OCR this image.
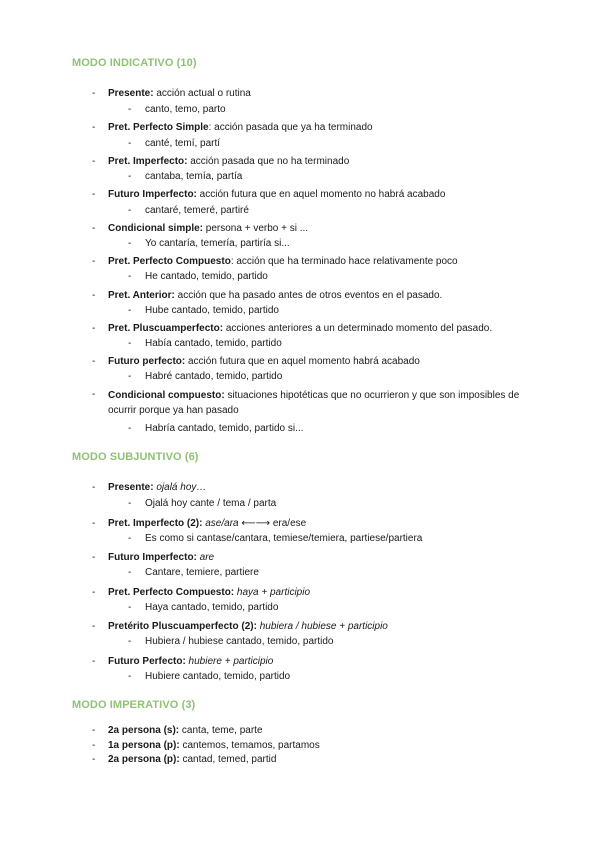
MODO INDICATIVO (10)
- Presente: acción actual o rutina
- canto, temo, parto
- Pret. Perfecto Simple: acción pasada que ya ha terminado
- canté, temí, partí
- Pret. Imperfecto: acción pasada que no ha terminado
- cantaba, temía, partía
- Futuro Imperfecto: acción futura que en aquel momento no habrá acabado
- cantaré, temeré, partiré
- Condicional simple: persona + verbo + si ...
- Yo cantaría, temería, partiría si...
- Pret. Perfecto Compuesto: acción que ha terminado hace relativamente poco
- He cantado, temido, partido
- Pret. Anterior: acción que ha pasado antes de otros eventos en el pasado.
- Hube cantado, temido, partido
- Pret. Pluscuamperfecto: acciones anteriores a un determinado momento del pasado.
- Había cantado, temido, partido
- Futuro perfecto: acción futura que en aquel momento habrá acabado
- Habré cantado, temido, partido
- Condicional compuesto: situaciones hipotéticas que no ocurrieron y que son imposibles de ocurrir porque ya han pasado
- Habría cantado, temido, partido si...
MODO SUBJUNTIVO (6)
- Presente: ojalá hoy…
- Ojalá hoy cante / tema / parta
- Pret. Imperfecto (2): ase/ara ⟵⟶ era/ese
- Es como si cantase/cantara, temiese/temiera, partiese/partiera
- Futuro Imperfecto: are
- Cantare, temiere, partiere
- Pret. Perfecto Compuesto: haya + participio
- Haya cantado, temido, partido
- Pretérito Pluscuamperfecto (2): hubiera / hubiese + participio
- Hubiera / hubiese cantado, temido, partido
- Futuro Perfecto: hubiere + participio
- Hubiere cantado, temido, partido
MODO IMPERATIVO (3)
- 2a persona (s): canta, teme, parte
- 1a persona (p): cantemos, temamos, partamos
- 2a persona (p): cantad, temed, partid
